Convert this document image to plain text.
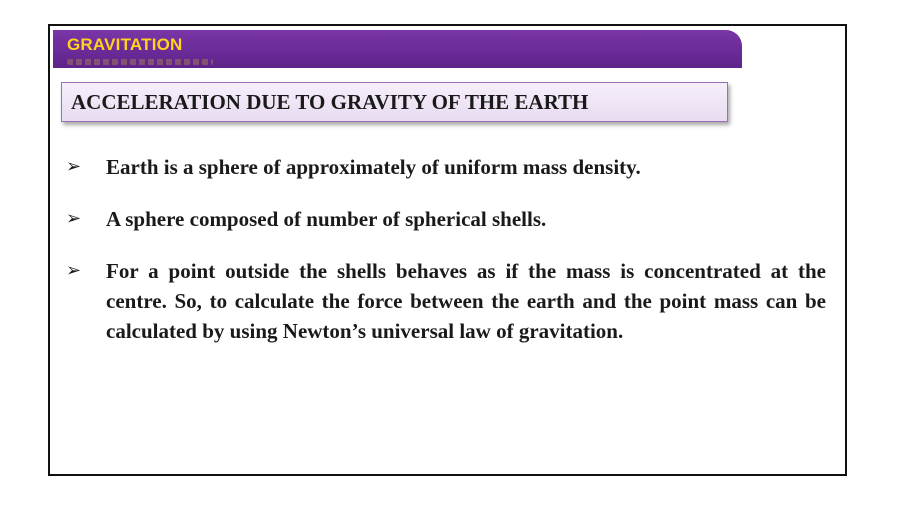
GRAVITATION
ACCELERATION DUE TO GRAVITY OF THE EARTH
➢ Earth is a sphere of approximately of uniform mass density.
➢ A sphere composed of number of spherical shells.
➢ For a point outside the shells behaves as if the mass is concentrated at the centre. So, to calculate the force between the earth and the point mass can be calculated by using Newton’s universal law of gravitation.
